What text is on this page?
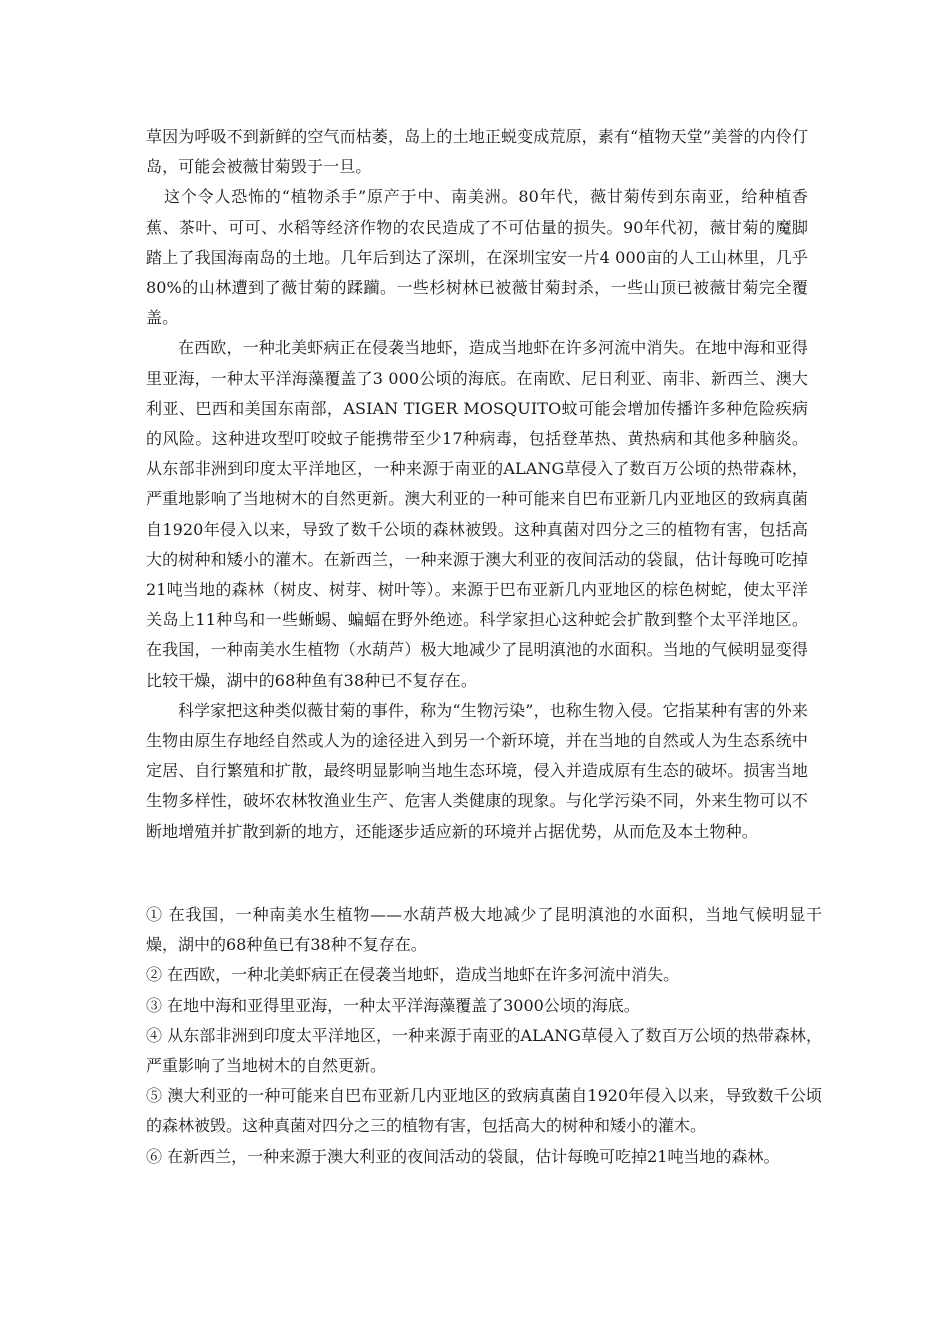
草因为呼吸不到新鲜的空气而枯萎，岛上的土地正蜕变成荒原，素有“植物天堂”美誉的内伶仃岛，可能会被薇甘菊毁于一旦。

这个令人恐怖的“植物杀手”原产于中、南美洲。80年代，薇甘菊传到东南亚，给种植香蕉、茶叶、可可、水稻等经济作物的农民造成了不可估量的损失。90年代初，薇甘菊的魔脚踏上了我国海南岛的土地。几年后到达了深圳，在深圳宝安一片4 000亩的人工山林里，几乎80%的山林遭到了薇甘菊的蹂躏。一些杉树林已被薇甘菊封杀，一些山顶已被薇甘菊完全覆盖。

在西欧，一种北美虾病正在侵袭当地虾，造成当地虾在许多河流中消失。在地中海和亚得里亚海，一种太平洋海藻覆盖了3 000公顷的海底。在南欧、尼日利亚、南非、新西兰、澳大利亚、巴西和美国东南部，ASIAN TIGER MOSQUITO蚊可能会增加传播许多种危险疾病的风险。这种进攻型叮咬蚊子能携带至少17种病毒，包括登革热、黄热病和其他多种脑炎。从东部非洲到印度太平洋地区，一种来源于南亚的ALANG草侵入了数百万公顷的热带森林，严重地影响了当地树木的自然更新。澳大利亚的一种可能来自巴布亚新几内亚地区的致病真菌自1920年侵入以来，导致了数千公顷的森林被毁。这种真菌对四分之三的植物有害，包括高大的树种和矮小的灌木。在新西兰，一种来源于澳大利亚的夜间活动的袋鼠，估计每晚可吃掉21吨当地的森林（树皮、树芽、树叶等）。来源于巴布亚新几内亚地区的棕色树蛇，使太平洋关岛上11种鸟和一些蜥蜴、蝙蝠在野外绝迹。科学家担心这种蛇会扩散到整个太平洋地区。在我国，一种南美水生植物（水葫芦）极大地减少了昆明滇池的水面积。当地的气候明显变得比较干燥，湖中的68种鱼有38种已不复存在。

科学家把这种类似薇甘菊的事件，称为“生物污染”，也称生物入侵。它指某种有害的外来生物由原生存地经自然或人为的途径进入到另一个新环境，并在当地的自然或人为生态系统中定居、自行繁殖和扩散，最终明显影响当地生态环境，侵入并造成原有生态的破坏。损害当地生物多样性，破坏农林牧渔业生产、危害人类健康的现象。与化学污染不同，外来生物可以不断地增殖并扩散到新的地方，还能逐步适应新的环境并占据优势，从而危及本土物种。

① 在我国，一种南美水生植物——水葫芦极大地减少了昆明滇池的水面积，当地气候明显干燥，湖中的68种鱼已有38种不复存在。

② 在西欧，一种北美虾病正在侵袭当地虾，造成当地虾在许多河流中消失。

③ 在地中海和亚得里亚海，一种太平洋海藻覆盖了3000公顷的海底。

④ 从东部非洲到印度太平洋地区，一种来源于南亚的ALANG草侵入了数百万公顷的热带森林，严重影响了当地树木的自然更新。

⑤ 澳大利亚的一种可能来自巴布亚新几内亚地区的致病真菌自1920年侵入以来，导致数千公顷的森林被毁。这种真菌对四分之三的植物有害，包括高大的树种和矮小的灌木。

⑥ 在新西兰，一种来源于澳大利亚的夜间活动的袋鼠，估计每晚可吃掉21吨当地的森林。
